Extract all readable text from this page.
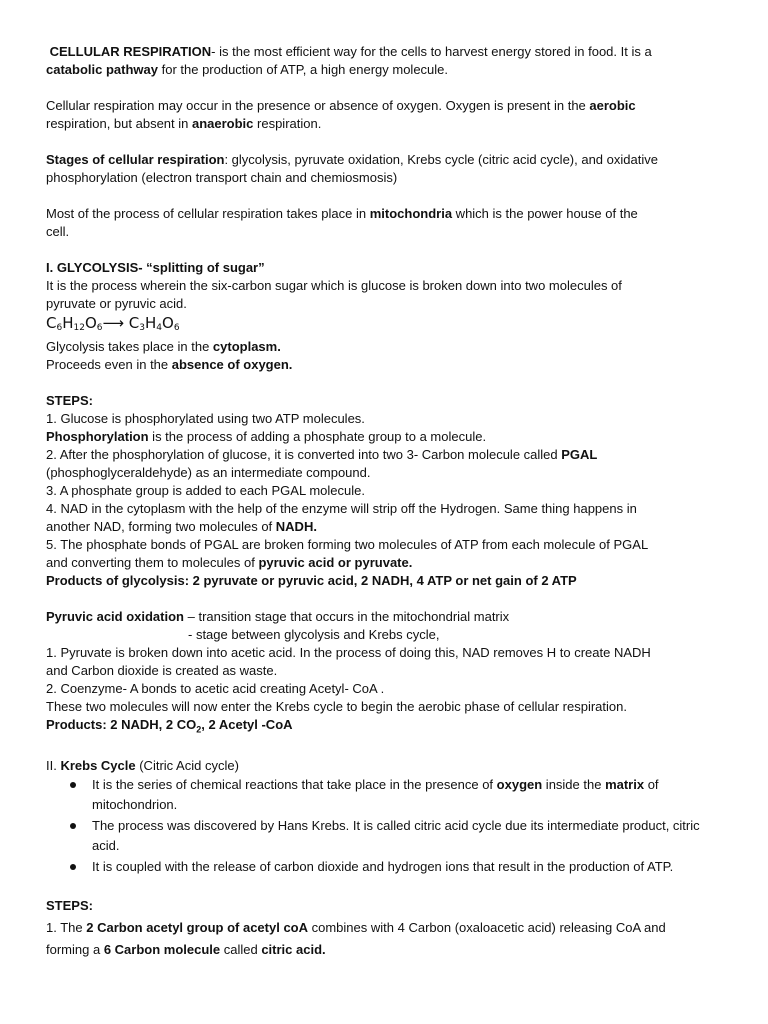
CELLULAR RESPIRATION- is the most efficient way for the cells to harvest energy stored in food. It is a
catabolic pathway for the production of ATP, a high energy molecule.

Cellular respiration may occur in the presence or absence of oxygen. Oxygen is present in the aerobic
respiration, but absent in anaerobic respiration.

Stages of cellular respiration: glycolysis, pyruvate oxidation, Krebs cycle (citric acid cycle), and oxidative
phosphorylation (electron transport chain and chemiosmosis)

Most of the process of cellular respiration takes place in mitochondria which is the power house of the
cell.

I. GLYCOLYSIS- “splitting of sugar”
It is the process wherein the six-carbon sugar which is glucose is broken down into two molecules of
pyruvate or pyruvic acid.

$C_6H_{12}O_6⟶$ $C_3H_4O_6$

Glycolysis takes place in the cytoplasm.
Proceeds even in the absence of oxygen.

STEPS:
1. Glucose is phosphorylated using two ATP molecules.
Phosphorylation is the process of adding a phosphate group to a molecule.
2. After the phosphorylation of glucose, it is converted into two 3- Carbon molecule called PGAL
(phosphoglyceraldehyde) as an intermediate compound.
3. A phosphate group is added to each PGAL molecule.
4. NAD in the cytoplasm with the help of the enzyme will strip off the Hydrogen. Same thing happens in
another NAD, forming two molecules of NADH.
5. The phosphate bonds of PGAL are broken forming two molecules of ATP from each molecule of PGAL
and converting them to molecules of pyruvic acid or pyruvate.
Products of glycolysis: 2 pyruvate or pyruvic acid, 2 NADH, 4 ATP or net gain of 2 ATP

Pyruvic acid oxidation – transition stage that occurs in the mitochondrial matrix
- stage between glycolysis and Krebs cycle,
1. Pyruvate is broken down into acetic acid. In the process of doing this, NAD removes H to create NADH
and Carbon dioxide is created as waste.
2. Coenzyme- A bonds to acetic acid creating Acetyl- CoA .
These two molecules will now enter the Krebs cycle to begin the aerobic phase of cellular respiration.
Products: 2 NADH, 2 $CO_2$, 2 Acetyl -CoA

II. Krebs Cycle (Citric Acid cycle)

It is the series of chemical reactions that take place in the presence of oxygen inside the matrix of mitochondrion.
The process was discovered by Hans Krebs. It is called citric acid cycle due its intermediate product, citric acid.
It is coupled with the release of carbon dioxide and hydrogen ions that result in the production of ATP.

STEPS:
1. The 2 Carbon acetyl group of acetyl coA combines with 4 Carbon (oxaloacetic acid) releasing CoA and
forming a 6 Carbon molecule called citric acid.
